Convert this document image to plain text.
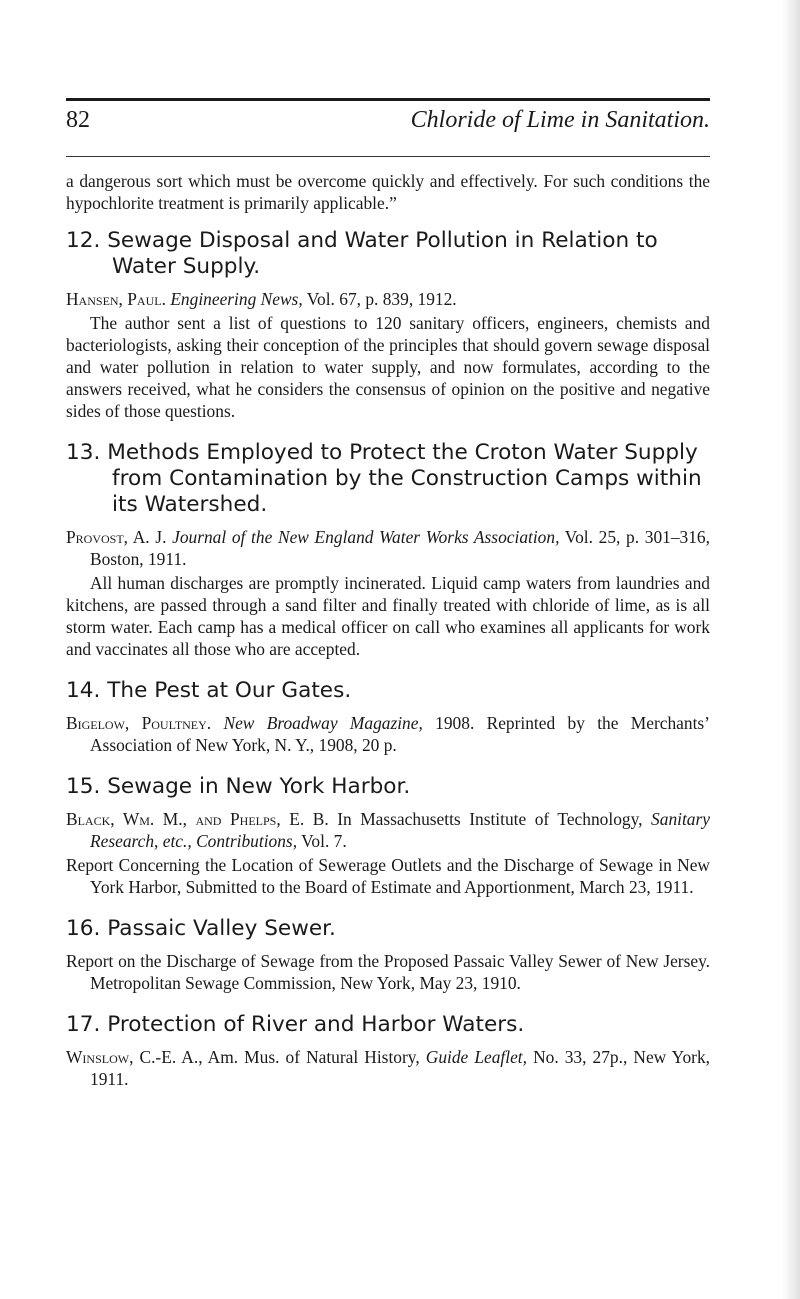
82	Chloride of Lime in Sanitation.

a dangerous sort which must be overcome quickly and effectively. For such conditions the hypochlorite treatment is primarily applicable.”

12. Sewage Disposal and Water Pollution in Relation to Water Supply.

Hansen, Paul. Engineering News, Vol. 67, p. 839, 1912.

The author sent a list of questions to 120 sanitary officers, engineers, chemists and bacteriologists, asking their conception of the principles that should govern sewage disposal and water pollution in relation to water supply, and now formulates, according to the answers received, what he considers the consensus of opinion on the positive and negative sides of those questions.

13. Methods Employed to Protect the Croton Water Supply from Contamination by the Construction Camps within its Watershed.

Provost, A. J. Journal of the New England Water Works Association, Vol. 25, p. 301–316, Boston, 1911.

All human discharges are promptly incinerated. Liquid camp waters from laundries and kitchens, are passed through a sand filter and finally treated with chloride of lime, as is all storm water. Each camp has a medical officer on call who examines all applicants for work and vaccinates all those who are accepted.

14. The Pest at Our Gates.

Bigelow, Poultney. New Broadway Magazine, 1908. Reprinted by the Merchants’ Association of New York, N. Y., 1908, 20 p.

15. Sewage in New York Harbor.

Black, Wm. M., and Phelps, E. B. In Massachusetts Institute of Technology, Sanitary Research, etc., Contributions, Vol. 7.

Report Concerning the Location of Sewerage Outlets and the Discharge of Sewage in New York Harbor, Submitted to the Board of Estimate and Apportionment, March 23, 1911.

16. Passaic Valley Sewer.

Report on the Discharge of Sewage from the Proposed Passaic Valley Sewer of New Jersey. Metropolitan Sewage Commission, New York, May 23, 1910.

17. Protection of River and Harbor Waters.

Winslow, C.-E. A., Am. Mus. of Natural History, Guide Leaflet, No. 33, 27p., New York, 1911.
